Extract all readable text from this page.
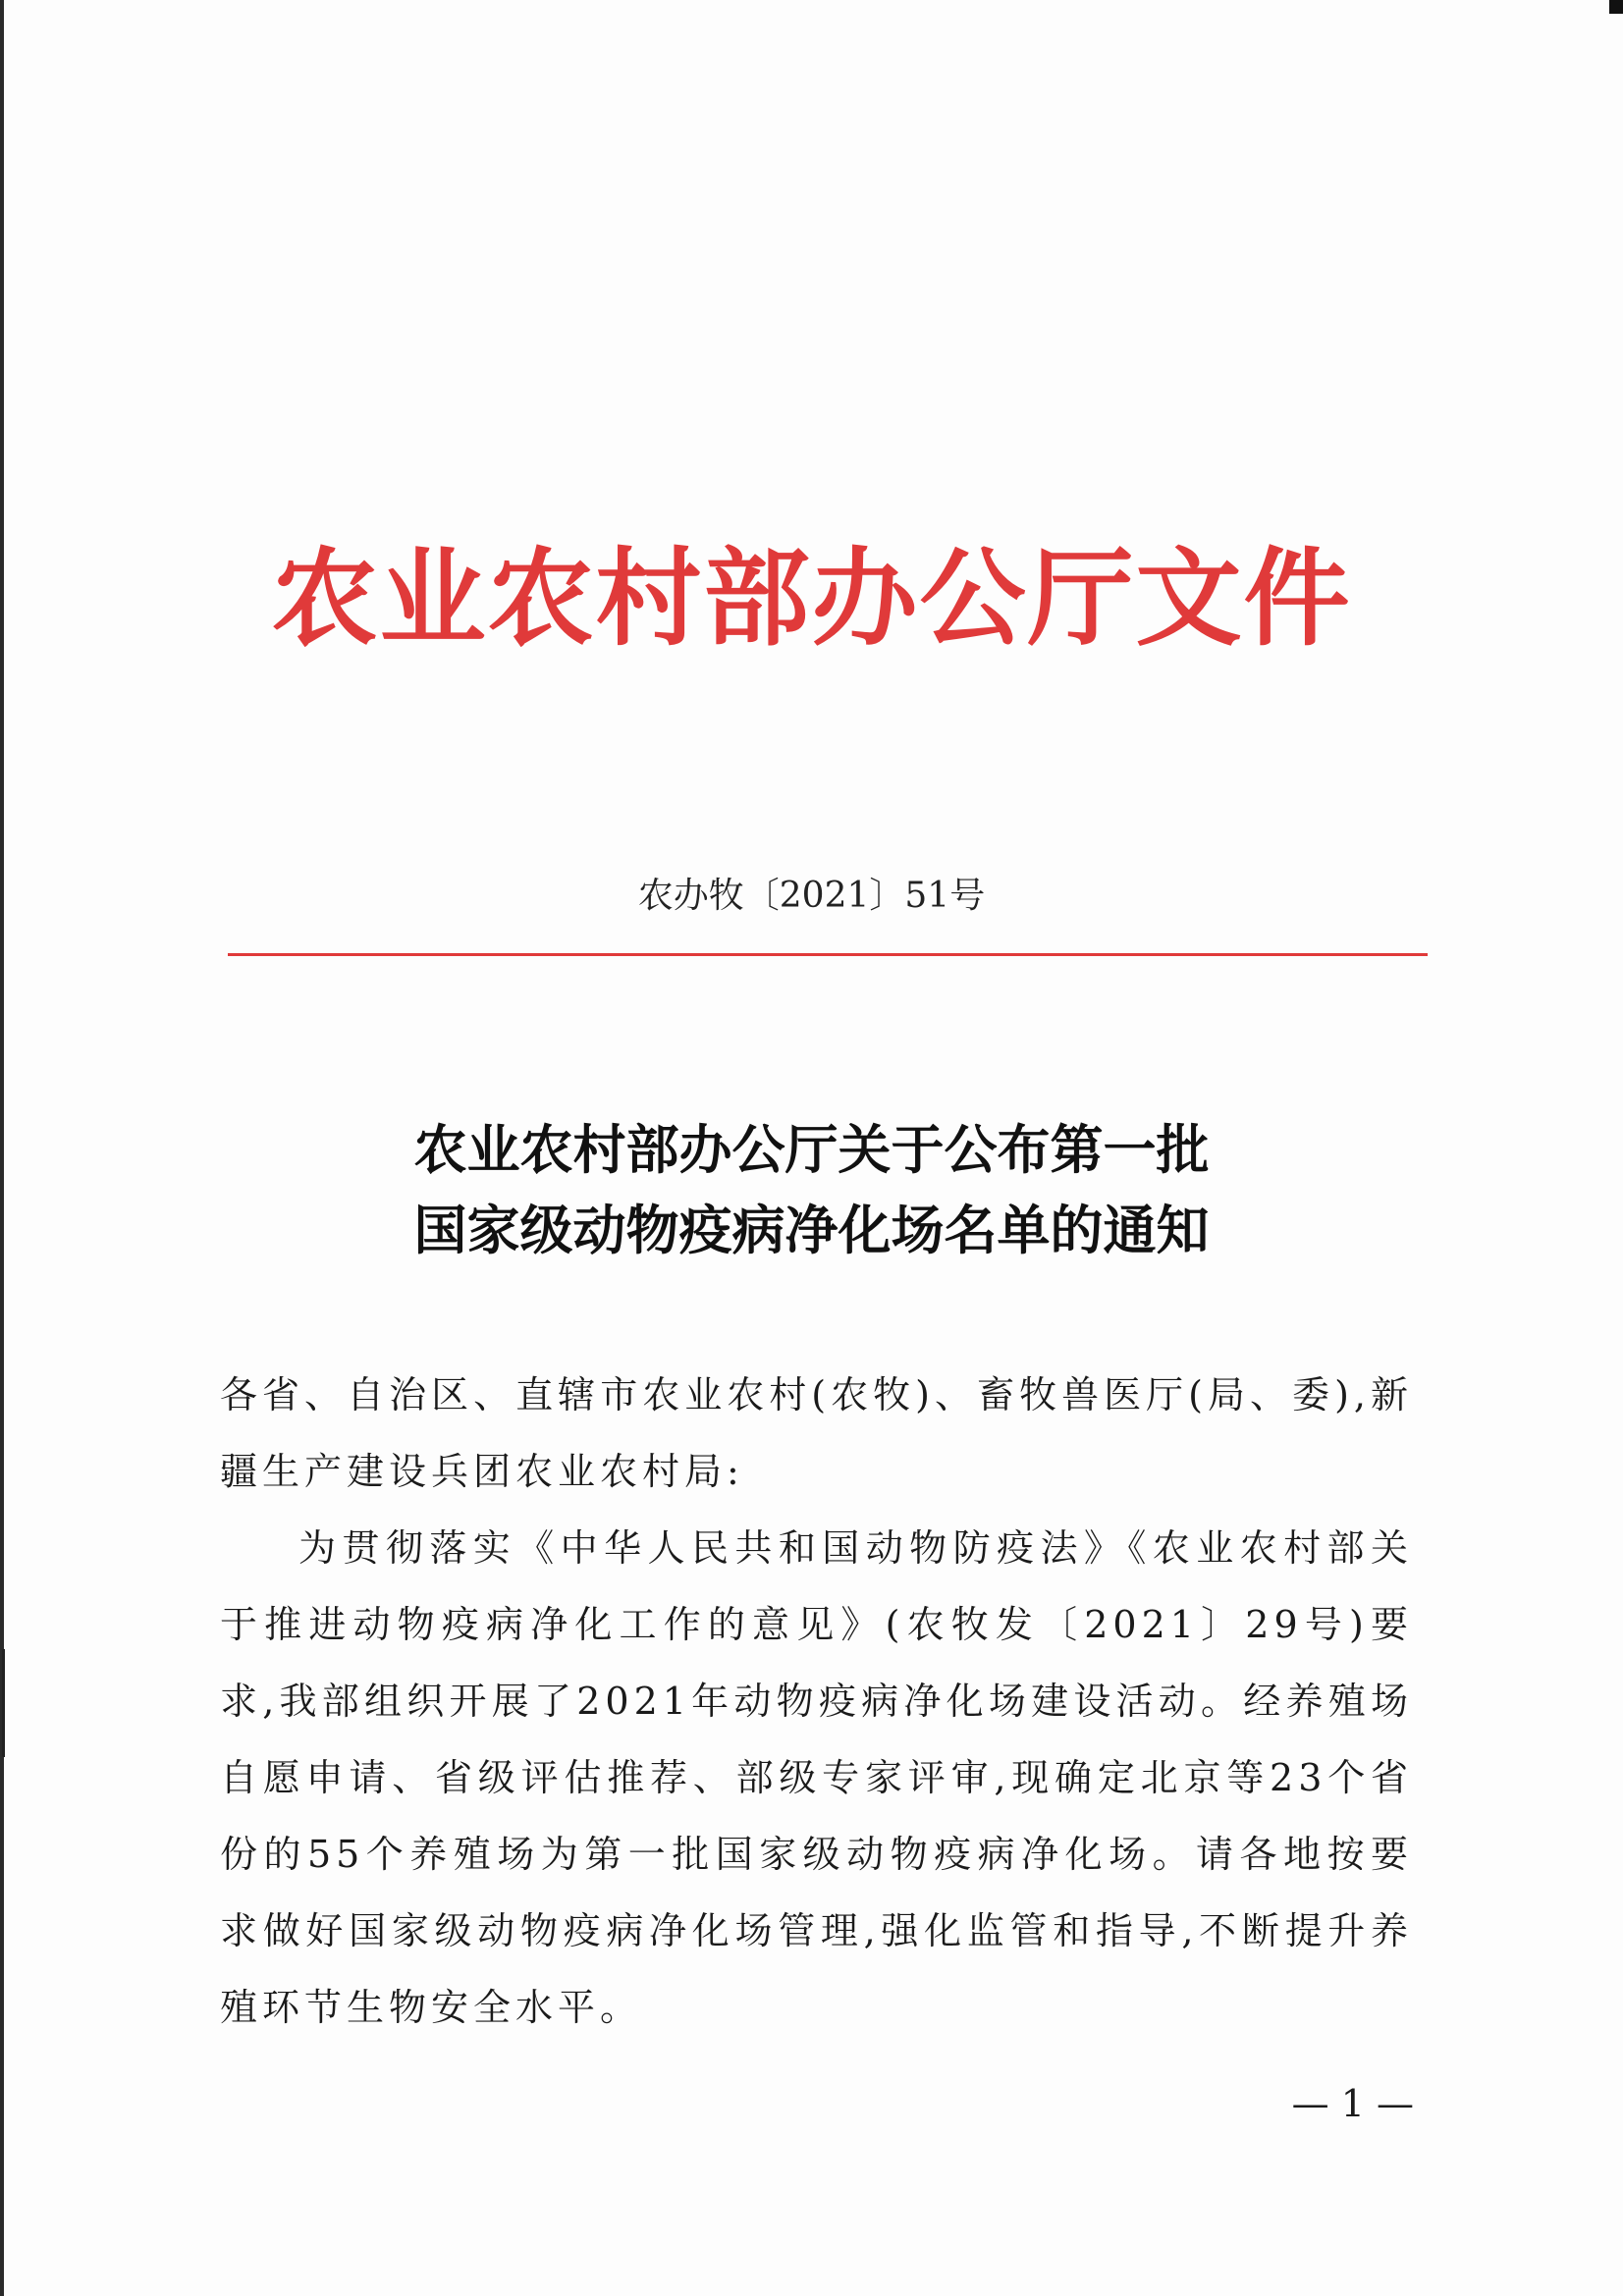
农业农村部办公厅文件
农办牧〔2021〕51号
农业农村部办公厅关于公布第一批
国家级动物疫病净化场名单的通知
各省、自治区、直辖市农业农村(农牧)、畜牧兽医厅(局、委),新疆生产建设兵团农业农村局:
为贯彻落实《中华人民共和国动物防疫法》《农业农村部关于推进动物疫病净化工作的意见》(农牧发〔2021〕29号)要求,我部组织开展了2021年动物疫病净化场建设活动。经养殖场自愿申请、省级评估推荐、部级专家评审,现确定北京等23个省份的55个养殖场为第一批国家级动物疫病净化场。请各地按要求做好国家级动物疫病净化场管理,强化监管和指导,不断提升养殖环节生物安全水平。
— 1 —
